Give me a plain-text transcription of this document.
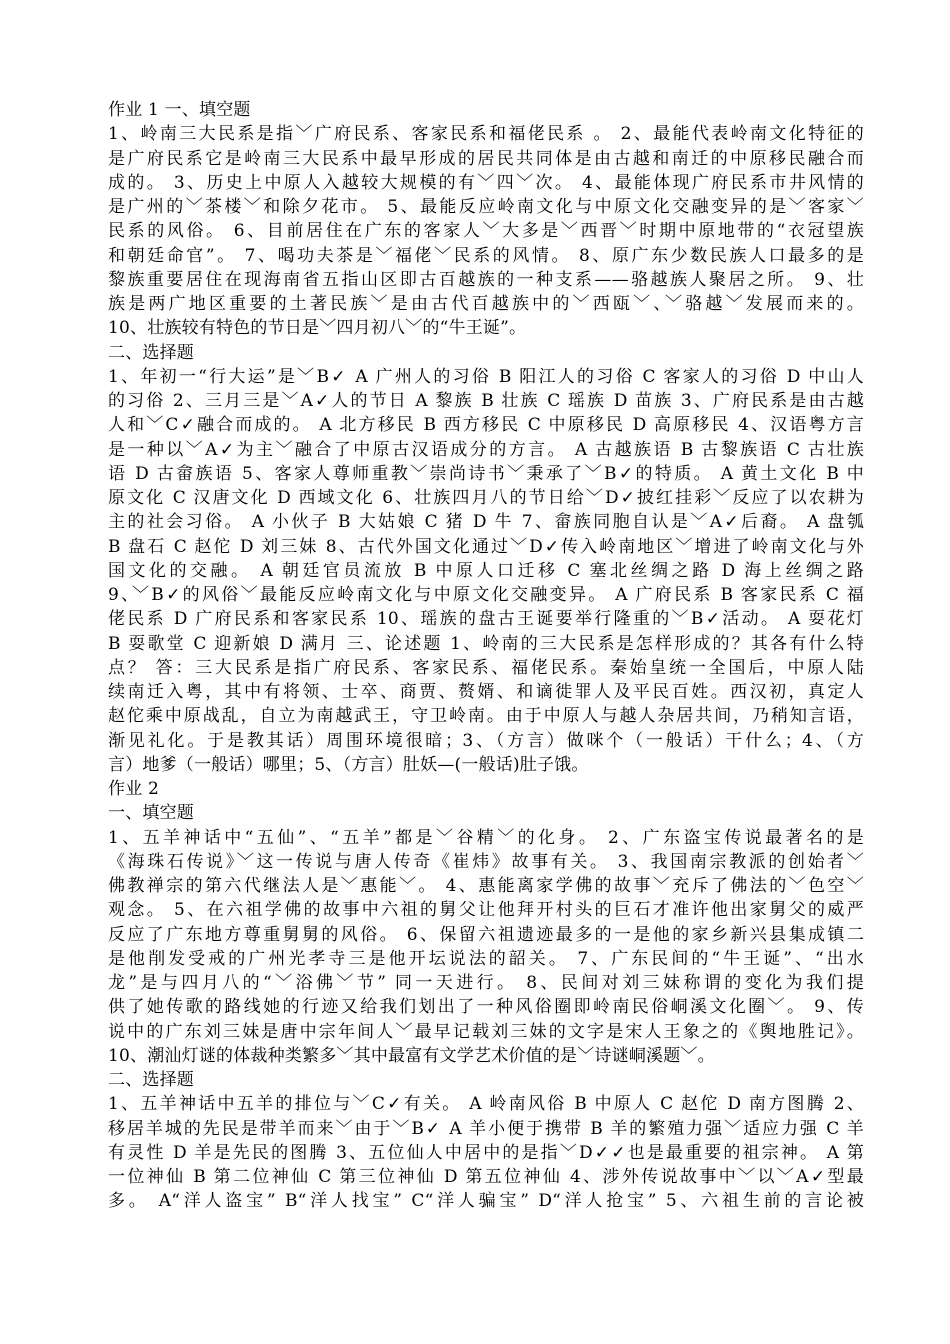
作业 1 一、填空题
1、岭南三大民系是指﹀广府民系、客家民系和福佬民系 。 2、最能代表岭南文化特征的
是广府民系它是岭南三大民系中最早形成的居民共同体是由古越和南迁的中原移民融合而
成的。 3、历史上中原人入越较大规模的有﹀四﹀次。 4、最能体现广府民系市井风情的
是广州的﹀茶楼﹀和除夕花市。 5、最能反应岭南文化与中原文化交融变异的是﹀客家﹀
民系的风俗。 6、目前居住在广东的客家人﹀大多是﹀西晋﹀时期中原地带的“衣冠望族
和朝廷命官”。 7、喝功夫茶是﹀福佬﹀民系的风情。 8、原广东少数民族人口最多的是
黎族重要居住在现海南省五指山区即古百越族的一种支系——骆越族人聚居之所。 9、壮
族是两广地区重要的土著民族﹀是由古代百越族中的﹀西瓯﹀、﹀骆越﹀发展而来的。
10、壮族较有特色的节日是﹀四月初八﹀的“牛王诞”。
二、选择题
1、年初一“行大运”是﹀B✓ A 广州人的习俗 B 阳江人的习俗 C 客家人的习俗 D 中山人
的习俗 2、三月三是﹀A✓人的节日 A 黎族 B 壮族 C 瑶族 D 苗族 3、广府民系是由古越
人和﹀C✓融合而成的。 A 北方移民 B 西方移民 C 中原移民 D 高原移民 4、汉语粤方言
是一种以﹀A✓为主﹀融合了中原古汉语成分的方言。 A 古越族语 B 古黎族语 C 古壮族
语 D 古畲族语 5、客家人尊师重教﹀崇尚诗书﹀秉承了﹀B✓的特质。 A 黄土文化 B 中
原文化 C 汉唐文化 D 西域文化 6、壮族四月八的节日给﹀D✓披红挂彩﹀反应了以农耕为
主的社会习俗。 A 小伙子 B 大姑娘 C 猪 D 牛 7、畲族同胞自认是﹀A✓后裔。 A 盘瓠
B 盘石 C 赵佗 D 刘三妹 8、古代外国文化通过﹀D✓传入岭南地区﹀增进了岭南文化与外
国文化的交融。 A 朝廷官员流放 B 中原人口迁移 C 塞北丝绸之路 D 海上丝绸之路
9、﹀B✓的风俗﹀最能反应岭南文化与中原文化交融变异。 A 广府民系 B 客家民系 C 福
佬民系 D 广府民系和客家民系 10、瑶族的盘古王诞要举行隆重的﹀B✓活动。 A 耍花灯
B 耍歌堂 C 迎新娘 D 满月 三、论述题 1、岭南的三大民系是怎样形成的？其各有什么特
点？ 答：三大民系是指广府民系、客家民系、福佬民系。秦始皇统一全国后，中原人陆
续南迁入粤，其中有将领、士卒、商贾、赘婿、和谪徙罪人及平民百姓。西汉初，真定人
赵佗乘中原战乱，自立为南越武王，守卫岭南。由于中原人与越人杂居共间，乃稍知言语，
渐见礼化。于是教其话）周围环境很暗；3、（方言）做咪个（一般话）干什么；4、（方
言）地爹（一般话）哪里；5、（方言）肚妖—(一般话)肚子饿。
作业 2
一、填空题
1、五羊神话中“五仙”、“五羊”都是﹀谷精﹀的化身。 2、广东盗宝传说最著名的是
《海珠石传说》﹀这一传说与唐人传奇《崔炜》故事有关。 3、我国南宗教派的创始者﹀
佛教禅宗的第六代继法人是﹀惠能﹀。 4、惠能离家学佛的故事﹀充斥了佛法的﹀色空﹀
观念。 5、在六祖学佛的故事中六祖的舅父让他拜开村头的巨石才准许他出家舅父的威严
反应了广东地方尊重舅舅的风俗。 6、保留六祖遗迹最多的一是他的家乡新兴县集成镇二
是他削发受戒的广州光孝寺三是他开坛说法的韶关。 7、广东民间的“牛王诞”、“出水
龙”是与四月八的“﹀浴佛﹀节” 同一天进行。 8、民间对刘三妹称谓的变化为我们提
供了她传歌的路线她的行迹又给我们划出了一种风俗圈即岭南民俗峒溪文化圈﹀。 9、传
说中的广东刘三妹是唐中宗年间人﹀最早记载刘三妹的文字是宋人王象之的《舆地胜记》。
10、潮汕灯谜的体裁种类繁多﹀其中最富有文学艺术价值的是﹀诗谜峒溪题﹀。
二、选择题
1、五羊神话中五羊的排位与﹀C✓有关。 A 岭南风俗 B 中原人 C 赵佗 D 南方图腾 2、
移居羊城的先民是带羊而来﹀由于﹀B✓ A 羊小便于携带 B 羊的繁殖力强﹀适应力强 C 羊
有灵性 D 羊是先民的图腾 3、五位仙人中居中的是指﹀D✓✓也是最重要的祖宗神。 A 第
一位神仙 B 第二位神仙 C 第三位神仙 D 第五位神仙 4、涉外传说故事中﹀以﹀A✓型最
多。 A“洋人盗宝” B“洋人找宝” C“洋人骗宝” D“洋人抢宝” 5、六祖生前的言论被
